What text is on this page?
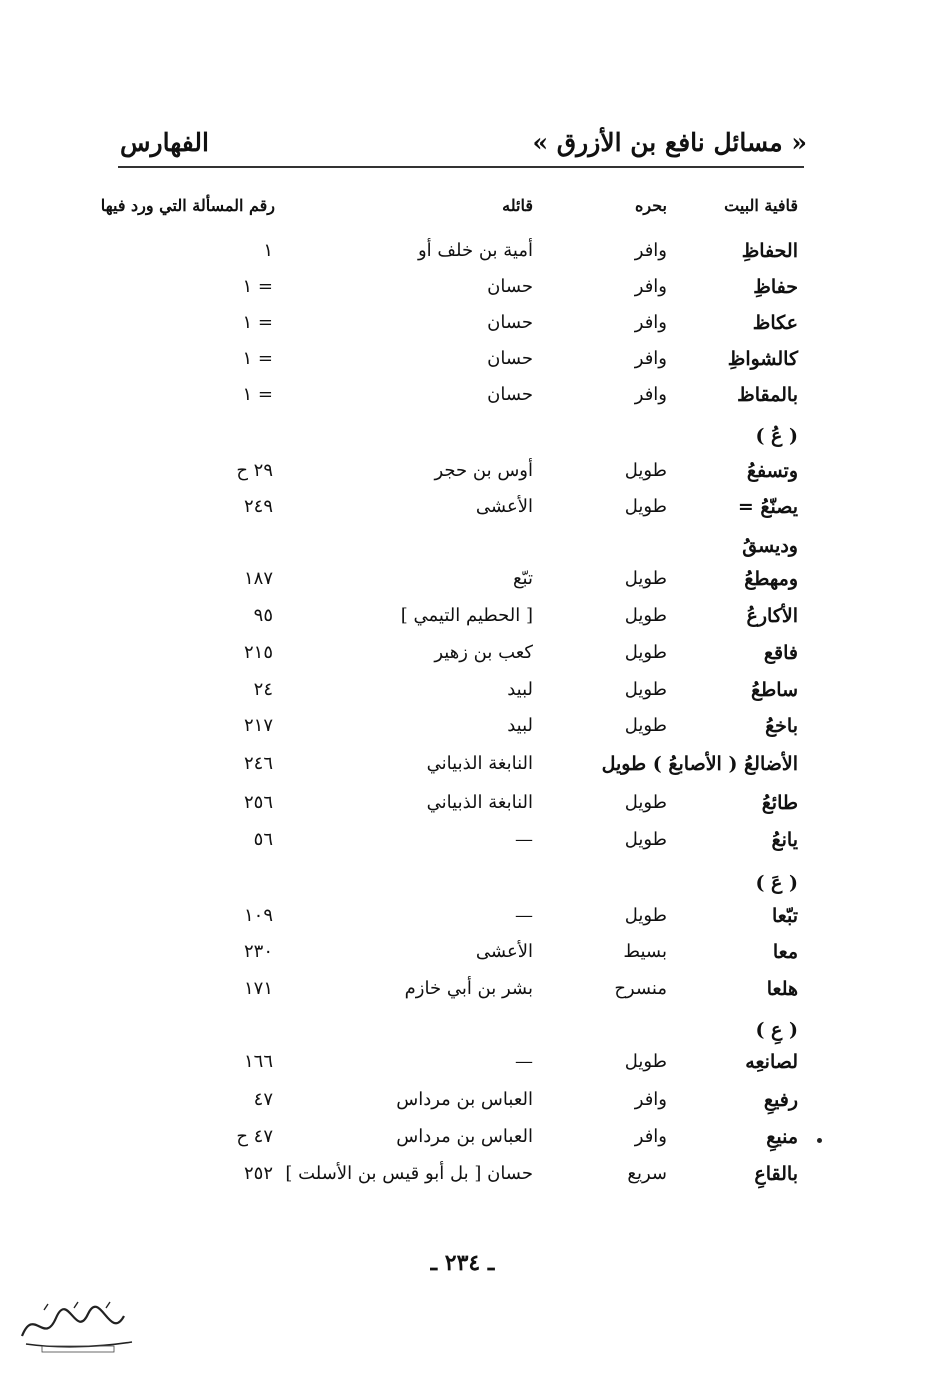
« مسائل نافع بن الأزرق »
الفهارس
قافية البيت
بحره
قائله
رقم المسألة التي ورد فيها
الحفاظِ
وافر
أمية بن خلف أو
١
حفاظِ
وافر
حسان
= ١
عكاظ
وافر
حسان
= ١
كالشواظِ
وافر
حسان
= ١
بالمقاظ
وافر
حسان
= ١
( عُ )
وتسفعُ
طويل
أوس بن حجر
٢٩ ح
يصنّعُ =
طويل
الأعشى
٢٤٩
وديسقُ
ومهطعُ
طويل
تبّع
١٨٧
الأكارعُ
طويل
[ الحطيم التيمي ]
٩٥
فاقع
طويل
كعب بن زهير
٢١٥
ساطعُ
طويل
لبيد
٢٤
باخعُ
طويل
لبيد
٢١٧
الأضالعُ ( الأصابعُ ) طويل
النابغة الذبياني
٢٤٦
طائعُ
طويل
النابغة الذبياني
٢٥٦
يانعُ
طويل
—
٥٦
( عَ )
تبّعا
طويل
—
١٠٩
معا
بسيط
الأعشى
٢٣٠
هلعا
منسرح
بشر بن أبي خازم
١٧١
( عِ )
لصانعِه
طويل
—
١٦٦
رفيعِ
وافر
العباس بن مرداس
٤٧
منيعِ
وافر
العباس بن مرداس
٤٧ ح
بالقاعِ
سريع
حسان [ بل أبو قيس بن الأسلت ]
٢٥٢
ـ ٢٣٤ ـ
